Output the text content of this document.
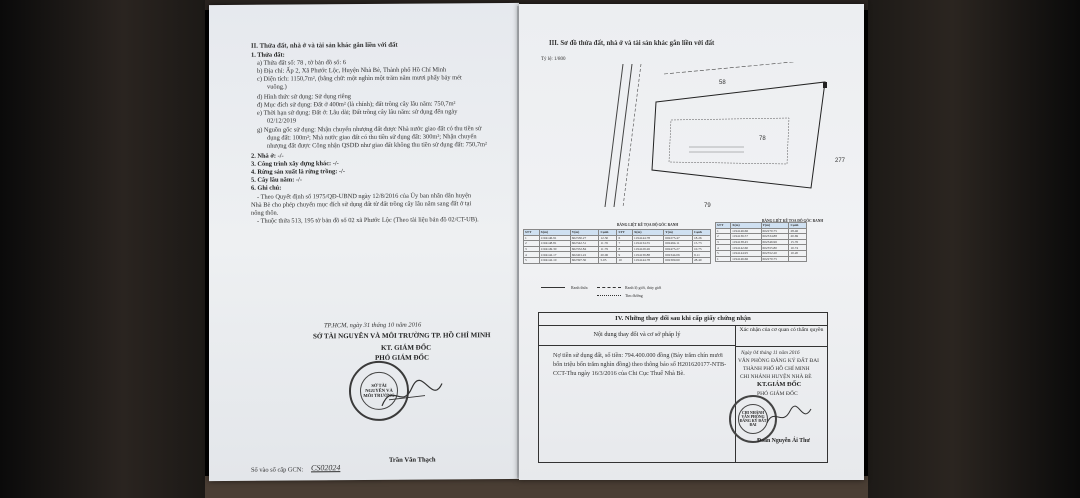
II. Thửa đất, nhà ở và tài sản khác gắn liền với đất
1. Thửa đất:
a) Thửa đất số: 78 , tờ bản đồ số: 6
b) Địa chỉ: Ấp 2, Xã Phước Lộc, Huyện Nhà Bè, Thành phố Hồ Chí Minh
c) Diện tích: 1150,7m², (bằng chữ: một nghìn một trăm năm mươi phẩy bảy mét
vuông.)
d) Hình thức sử dụng: Sử dụng riêng
đ) Mục đích sử dụng: Đất ở 400m² (là chính); đất trồng cây lâu năm: 750,7m²
e) Thời hạn sử dụng: Đất ở: Lâu dài; Đất trồng cây lâu năm: sử dụng đến ngày
02/12/2019
g) Nguồn gốc sử dụng: Nhận chuyển nhượng đất được Nhà nước giao đất có thu tiền sử
dụng đất: 100m²; Nhà nước giao đất có thu tiền sử dụng đất: 300m²; Nhận chuyển
nhượng đất được Công nhận QSDĐ như giao đất không thu tiền sử dụng đất: 750,7m²
2. Nhà ở: -/-
3. Công trình xây dựng khác: -/-
4. Rừng sản xuất là rừng trồng: -/-
5. Cây lâu năm: -/-
6. Ghi chú:
- Theo Quyết định số 1975/QĐ-UBND ngày 12/8/2016 của Ủy ban nhân dân huyện
Nhà Bè cho phép chuyển mục đích sử dụng đất từ đất trồng cây lâu năm sang đất ở tại
nông thôn.
- Thuộc thửa 513, 195 tờ bản đồ số 02 xã Phước Lộc (Theo tài liệu bản đồ 02/CT-UB).
TP.HCM, ngày 31 tháng 10 năm 2016
SỞ TÀI NGUYÊN VÀ MÔI TRƯỜNG TP. HỒ CHÍ MINH
KT. GIÁM ĐỐC
PHÓ GIÁM ĐỐC
SỞ TÀI NGUYÊN VÀ MÔI TRƯỜNG
Trần Văn Thạch
Số vào sổ cấp GCN: CS02024
III. Sơ đồ thửa đất, nhà ở và tài sản khác gắn liền với đất
Tỷ lệ: 1/800
58
78
79
277
BẢNG LIỆT KÊ TỌA ĐỘ GÓC RANH
BẢNG LIỆT KÊ TỌA ĐỘ GÓC RANH
STT	X(m)	Y(m)	Cạnh	STT	X(m)	Y(m)	Cạnh
1	1194146.91	602330.27	12.30	6	1194144.78	602275.47	18.26
2	1194148.81	602342.51	11.76	7	1194134.55	602494.11	15.73
3	1194149.30	602352.84	11.79	8	1194129.26	602475.27	10.75
4	1194142.17	602401.22	20.06	9	1194139.88	602344.06	9.11
5	1194142.10	602397.30	5.05	10	1194144.78	602309.60	28.40
STT	X(m)	Y(m)	Cạnh
1	1194146.66	602270.75	28.46
2	1194136.57	602334.88	20.69
3	1194138.45	602346.96	15.76
4	1194142.60	602355.80	10.74
5	1194144.95	602352.20	10.20
1	1194146.66	602270.75	
Ranh thửa	Ranh lộ giới, thủy giới
Tim đường
IV. Những thay đổi sau khi cấp giấy chứng nhận
Nội dung thay đổi và cơ sở pháp lý
Xác nhận của cơ quan có thẩm quyền
Nợ tiền sử dụng đất, số tiền: 794.400.000 đồng (Bảy trăm chín mươi bốn triệu bốn trăm nghìn đồng) theo thông báo số H201620177-NTB-CCT-Thu ngày 16/3/2016 của Chi Cục Thuế Nhà Bè.
Ngày 04 tháng 11 năm 2016
VĂN PHÒNG ĐĂNG KÝ ĐẤT ĐAI
THÀNH PHỐ HỒ CHÍ MINH
CHI NHÁNH HUYỆN NHÀ BÈ
KT.GIÁM ĐỐC
PHÓ GIÁM ĐỐC
CHI NHÁNH VĂN PHÒNG ĐĂNG KÝ ĐẤT ĐAI
Đoàn Nguyễn Ái Thư
